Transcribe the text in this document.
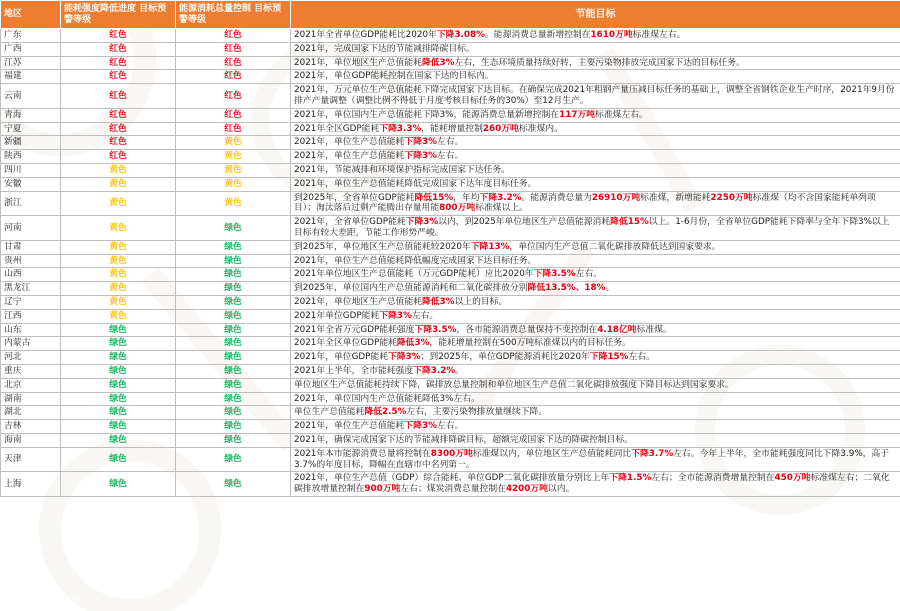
大数跨境
地区	能耗强度降低进度 目标预警等级	能源消耗总量控制 目标预警等级	节能目标
广东	红色	红色	2021年全省单位GDP能耗比2020年下降3.08%。能源消费总量新增控制在1610万吨标准煤左右。
广西	红色	红色	2021年，完成国家下达的节能减排降碳目标。
江苏	红色	红色	2021年，单位地区生产总值能耗降低3%左右，生态环境质量持续好转，主要污染物排放完成国家下达的目标任务。
福建	红色	红色	2021年，单位GDP能耗控制在国家下达的目标内。
云南	红色	红色	2021年，万元单位生产总值能耗下降完成国家下达目标。在确保完成2021年粗钢产量压减目标任务的基础上，调整全省钢铁企业生产时序，2021年9月份排产产量调整（调整比例不得低于月度考核目标任务的30%）至12月生产。
青海	红色	红色	2021年，单位国内生产总值能耗下降3%，能源消费总量新增控制在117万吨标准煤左右。
宁夏	红色	红色	2021年全区GDP能耗下降3.3%，能耗增量控制260万吨标准煤内。
新疆	红色	黄色	2021年，单位生产总值能耗下降3%左右。
陕西	红色	黄色	2021年，单位生产总值能耗下降3%左右。
四川	黄色	黄色	2021年，节能减排和环境保护指标完成国家下达任务。
安徽	黄色	黄色	2021年，单位生产总值能耗降低完成国家下达年度目标任务。
浙江	黄色	黄色	到2025年，全省单位GDP能耗降低15%，年均下降3.2%。能源消费总量为26910万吨标准煤，新增能耗2250万吨标准煤（均不含国家能耗单列项目）；淘汰落后过剩产能腾出存量用能800万吨标准煤以上。
河南	黄色	绿色	2021年，全省单位GDP能耗下降3%以内，到2025年单位地区生产总值能源消耗降低15%以上。1-6月份，全省单位GDP能耗下降率与全年下降3%以上目标有较大差距，节能工作形势严峻。
甘肃	黄色	绿色	到2025年，单位地区生产总值能耗较2020年下降13%，单位国内生产总值二氧化碳排放降低达到国家要求。
贵州	黄色	绿色	2021年，单位生产总值能耗降低幅度完成国家下达目标任务。
山西	黄色	绿色	2021年单位地区生产总值能耗（万元GDP能耗）应比2020年下降3.5%左右。
黑龙江	黄色	绿色	到2025年，单位国内生产总值能源消耗和二氧化碳排放分别降低13.5%、18%。
辽宁	黄色	绿色	2021年，单位地区生产总值能耗降低3%以上的目标。
江西	黄色	绿色	2021年单位GDP能耗下降3%左右。
山东	绿色	绿色	2021年全省万元GDP能耗强度下降3.5%，各市能源消费总量保持不变控制在4.18亿吨标准煤。
内蒙古	绿色	绿色	2021年全区单位GDP能耗降低3%，能耗增量控制在500万吨标准煤以内的目标任务。
河北	绿色	绿色	2021年，单位GDP能耗下降3%；到2025年，单位GDP能源消耗比2020年下降15%左右。
重庆	绿色	绿色	2021年上半年，全市能耗强度下降3.2%。
北京	绿色	绿色	单位地区生产总值能耗持续下降，碳排放总量控制和单位地区生产总值二氧化碳排放强度下降目标达到国家要求。
湖南	绿色	绿色	2021年，单位国内生产总值能耗降低3%左右。
湖北	绿色	绿色	单位生产总值能耗降低2.5%左右，主要污染物排放量继续下降。
吉林	绿色	绿色	2021年，单位生产总值能耗下降3%左右。
海南	绿色	绿色	2021年，确保完成国家下达的节能减排降碳目标，超额完成国家下达的降碳控制目标。
天津	绿色	绿色	2021年本市能源消费总量将控制在8300万吨标准煤以内，单位地区生产总值能耗同比下降3.7%左右。今年上半年，全市能耗强度同比下降3.9%，高于3.7%的年度目标，降幅在直辖市中名列第一。
上海	绿色	绿色	2021年，单位生产总值（GDP）综合能耗、单位GDP二氧化碳排放量分别比上年下降1.5%左右；全市能源消费增量控制在450万吨标准煤左右；二氧化碳排放增量控制在900万吨左右；煤炭消费总量控制在4200万吨以内。
